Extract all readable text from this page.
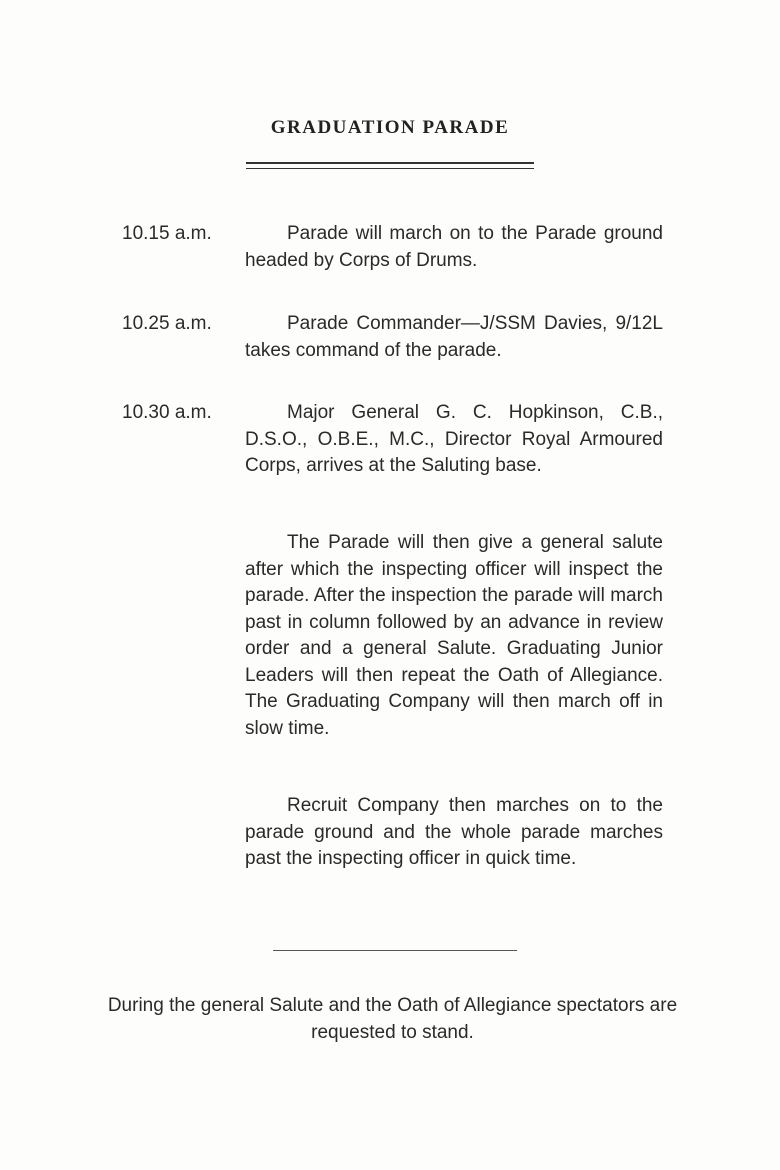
GRADUATION PARADE
10.15 a.m.	Parade will march on to the Parade ground headed by Corps of Drums.
10.25 a.m.	Parade Commander—J/SSM Davies, 9/12L takes command of the parade.
10.30 a.m.	Major General G. C. Hopkinson, C.B., D.S.O., O.B.E., M.C., Director Royal Armoured Corps, arrives at the Saluting base.
The Parade will then give a general salute after which the inspecting officer will inspect the parade. After the inspection the parade will march past in column followed by an advance in review order and a general Salute. Graduating Junior Leaders will then repeat the Oath of Allegiance. The Graduating Company will then march off in slow time.
Recruit Company then marches on to the parade ground and the whole parade marches past the inspecting officer in quick time.
During the general Salute and the Oath of Allegiance spectators are requested to stand.
